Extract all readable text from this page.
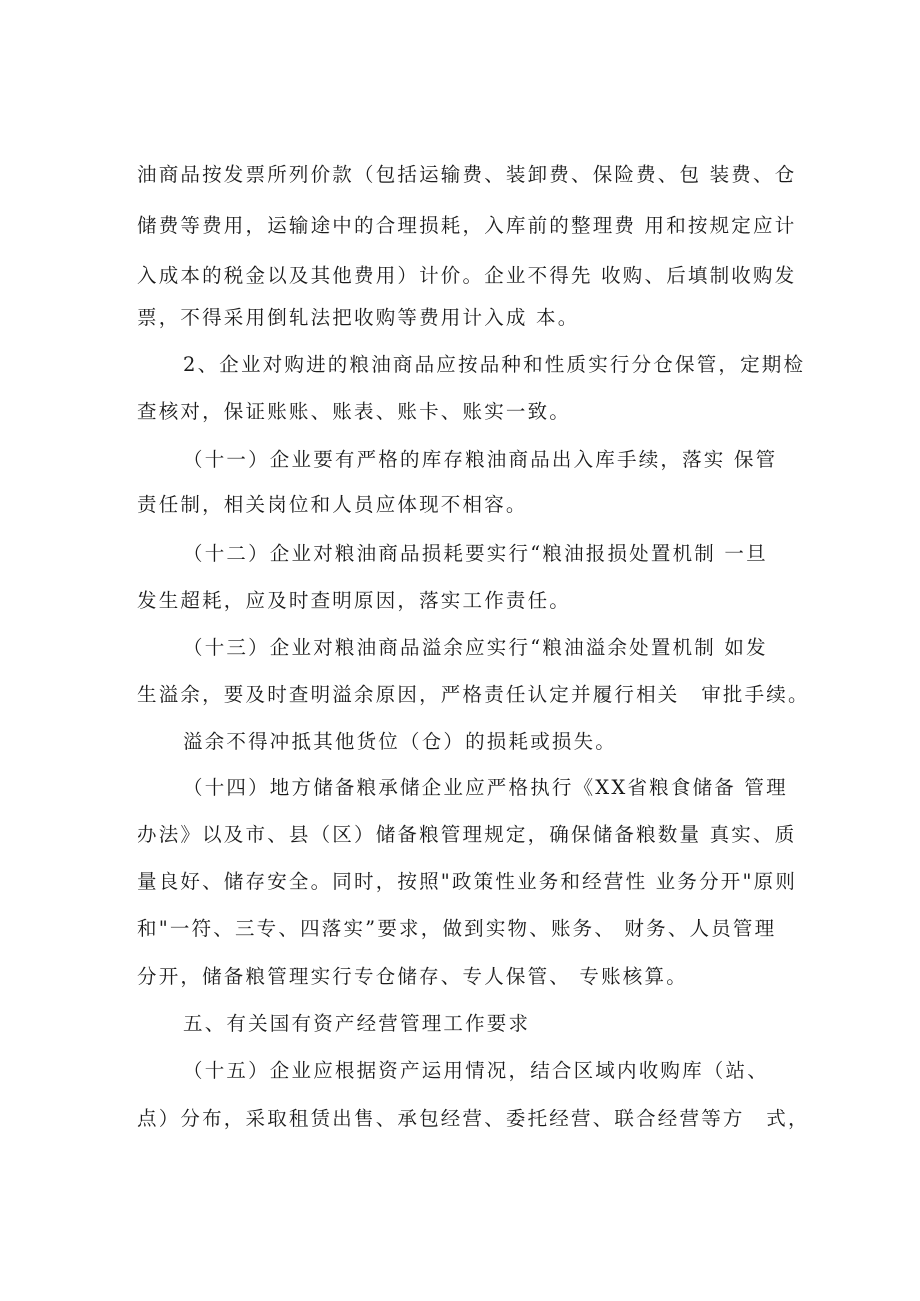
油商品按发票所列价款（包括运输费、装卸费、保险费、包 装费、仓
储费等费用，运输途中的合理损耗，入库前的整理费 用和按规定应计
入成本的税金以及其他费用）计价。企业不得先 收购、后填制收购发
票，不得采用倒轧法把收购等费用计入成 本。
2、企业对购进的粮油商品应按品种和性质实行分仓保管，定期检
查核对，保证账账、账表、账卡、账实一致。
（十一）企业要有严格的库存粮油商品出入库手续，落实 保管
责任制，相关岗位和人员应体现不相容。
（十二）企业对粮油商品损耗要实行“粮油报损处置机制 一旦
发生超耗，应及时查明原因，落实工作责任。
（十三）企业对粮油商品溢余应实行“粮油溢余处置机制 如发
生溢余，要及时查明溢余原因，严格责任认定并履行相关　审批手续。
溢余不得冲抵其他货位（仓）的损耗或损失。
（十四）地方储备粮承储企业应严格执行《XX省粮食储备 管理
办法》以及市、县（区）储备粮管理规定，确保储备粮数量 真实、质
量良好、储存安全。同时，按照"政策性业务和经营性 业务分开"原则
和"一符、三专、四落实”要求，做到实物、账务、 财务、人员管理
分开，储备粮管理实行专仓储存、专人保管、 专账核算。
五、有关国有资产经营管理工作要求
（十五）企业应根据资产运用情况，结合区域内收购库（站、
点）分布，采取租赁出售、承包经营、委托经营、联合经营等方　式，
